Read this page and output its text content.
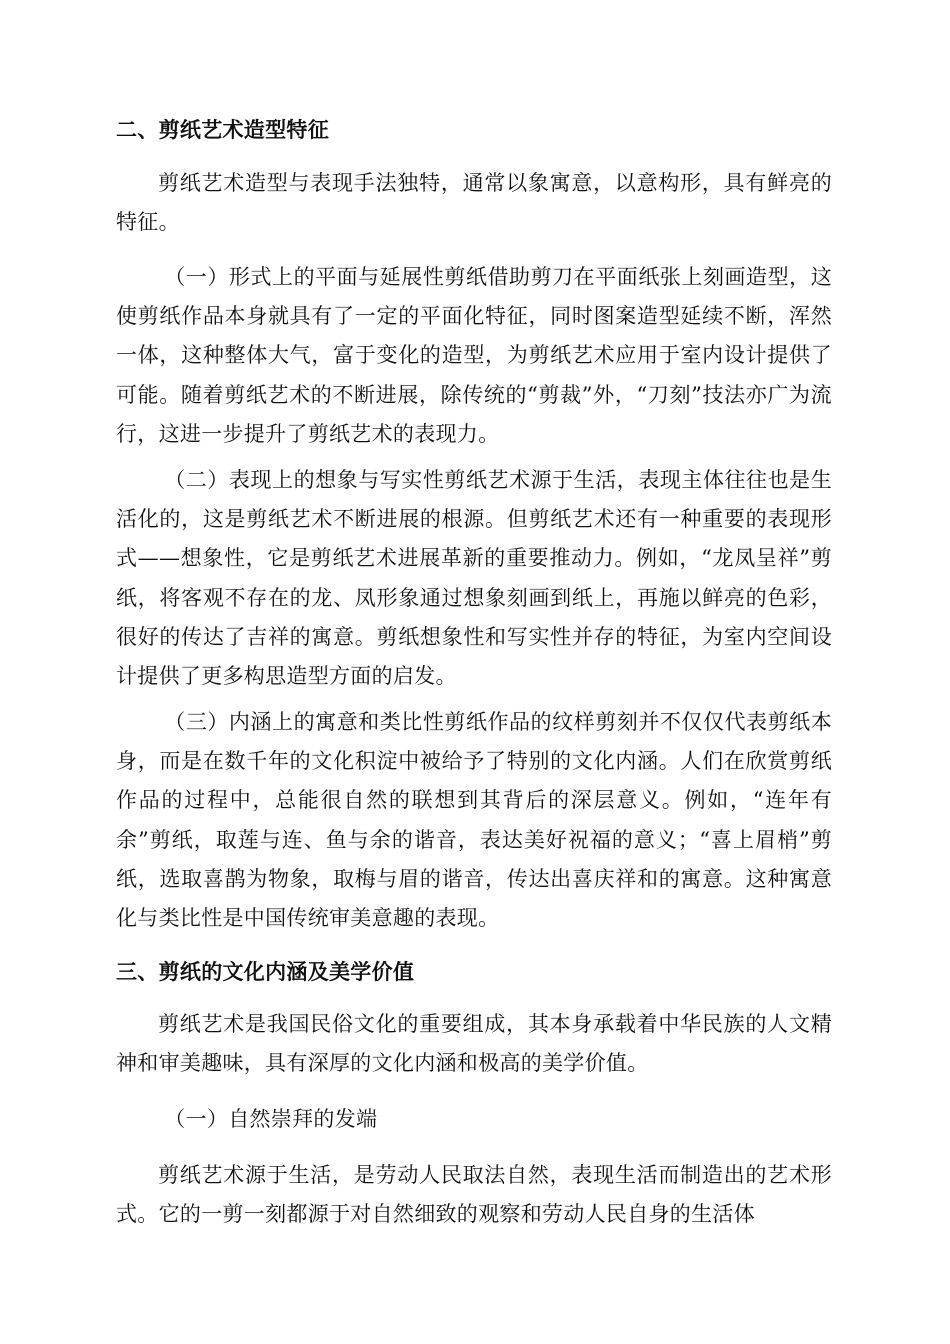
二、剪纸艺术造型特征

剪纸艺术造型与表现手法独特，通常以象寓意，以意构形，具有鲜亮的特征。

（一）形式上的平面与延展性剪纸借助剪刀在平面纸张上刻画造型，这使剪纸作品本身就具有了一定的平面化特征，同时图案造型延续不断，浑然一体，这种整体大气，富于变化的造型，为剪纸艺术应用于室内设计提供了可能。随着剪纸艺术的不断进展，除传统的“剪裁”外，“刀刻”技法亦广为流行，这进一步提升了剪纸艺术的表现力。

（二）表现上的想象与写实性剪纸艺术源于生活，表现主体往往也是生活化的，这是剪纸艺术不断进展的根源。但剪纸艺术还有一种重要的表现形式——想象性，它是剪纸艺术进展革新的重要推动力。例如，“龙凤呈祥”剪纸，将客观不存在的龙、凤形象通过想象刻画到纸上，再施以鲜亮的色彩，很好的传达了吉祥的寓意。剪纸想象性和写实性并存的特征，为室内空间设计提供了更多构思造型方面的启发。

（三）内涵上的寓意和类比性剪纸作品的纹样剪刻并不仅仅代表剪纸本身，而是在数千年的文化积淀中被给予了特别的文化内涵。人们在欣赏剪纸作品的过程中，总能很自然的联想到其背后的深层意义。例如，“连年有余”剪纸，取莲与连、鱼与余的谐音，表达美好祝福的意义；“喜上眉梢”剪纸，选取喜鹊为物象，取梅与眉的谐音，传达出喜庆祥和的寓意。这种寓意化与类比性是中国传统审美意趣的表现。

三、剪纸的文化内涵及美学价值

剪纸艺术是我国民俗文化的重要组成，其本身承载着中华民族的人文精神和审美趣味，具有深厚的文化内涵和极高的美学价值。

（一）自然崇拜的发端

剪纸艺术源于生活，是劳动人民取法自然，表现生活而制造出的艺术形式。它的一剪一刻都源于对自然细致的观察和劳动人民自身的生活体
